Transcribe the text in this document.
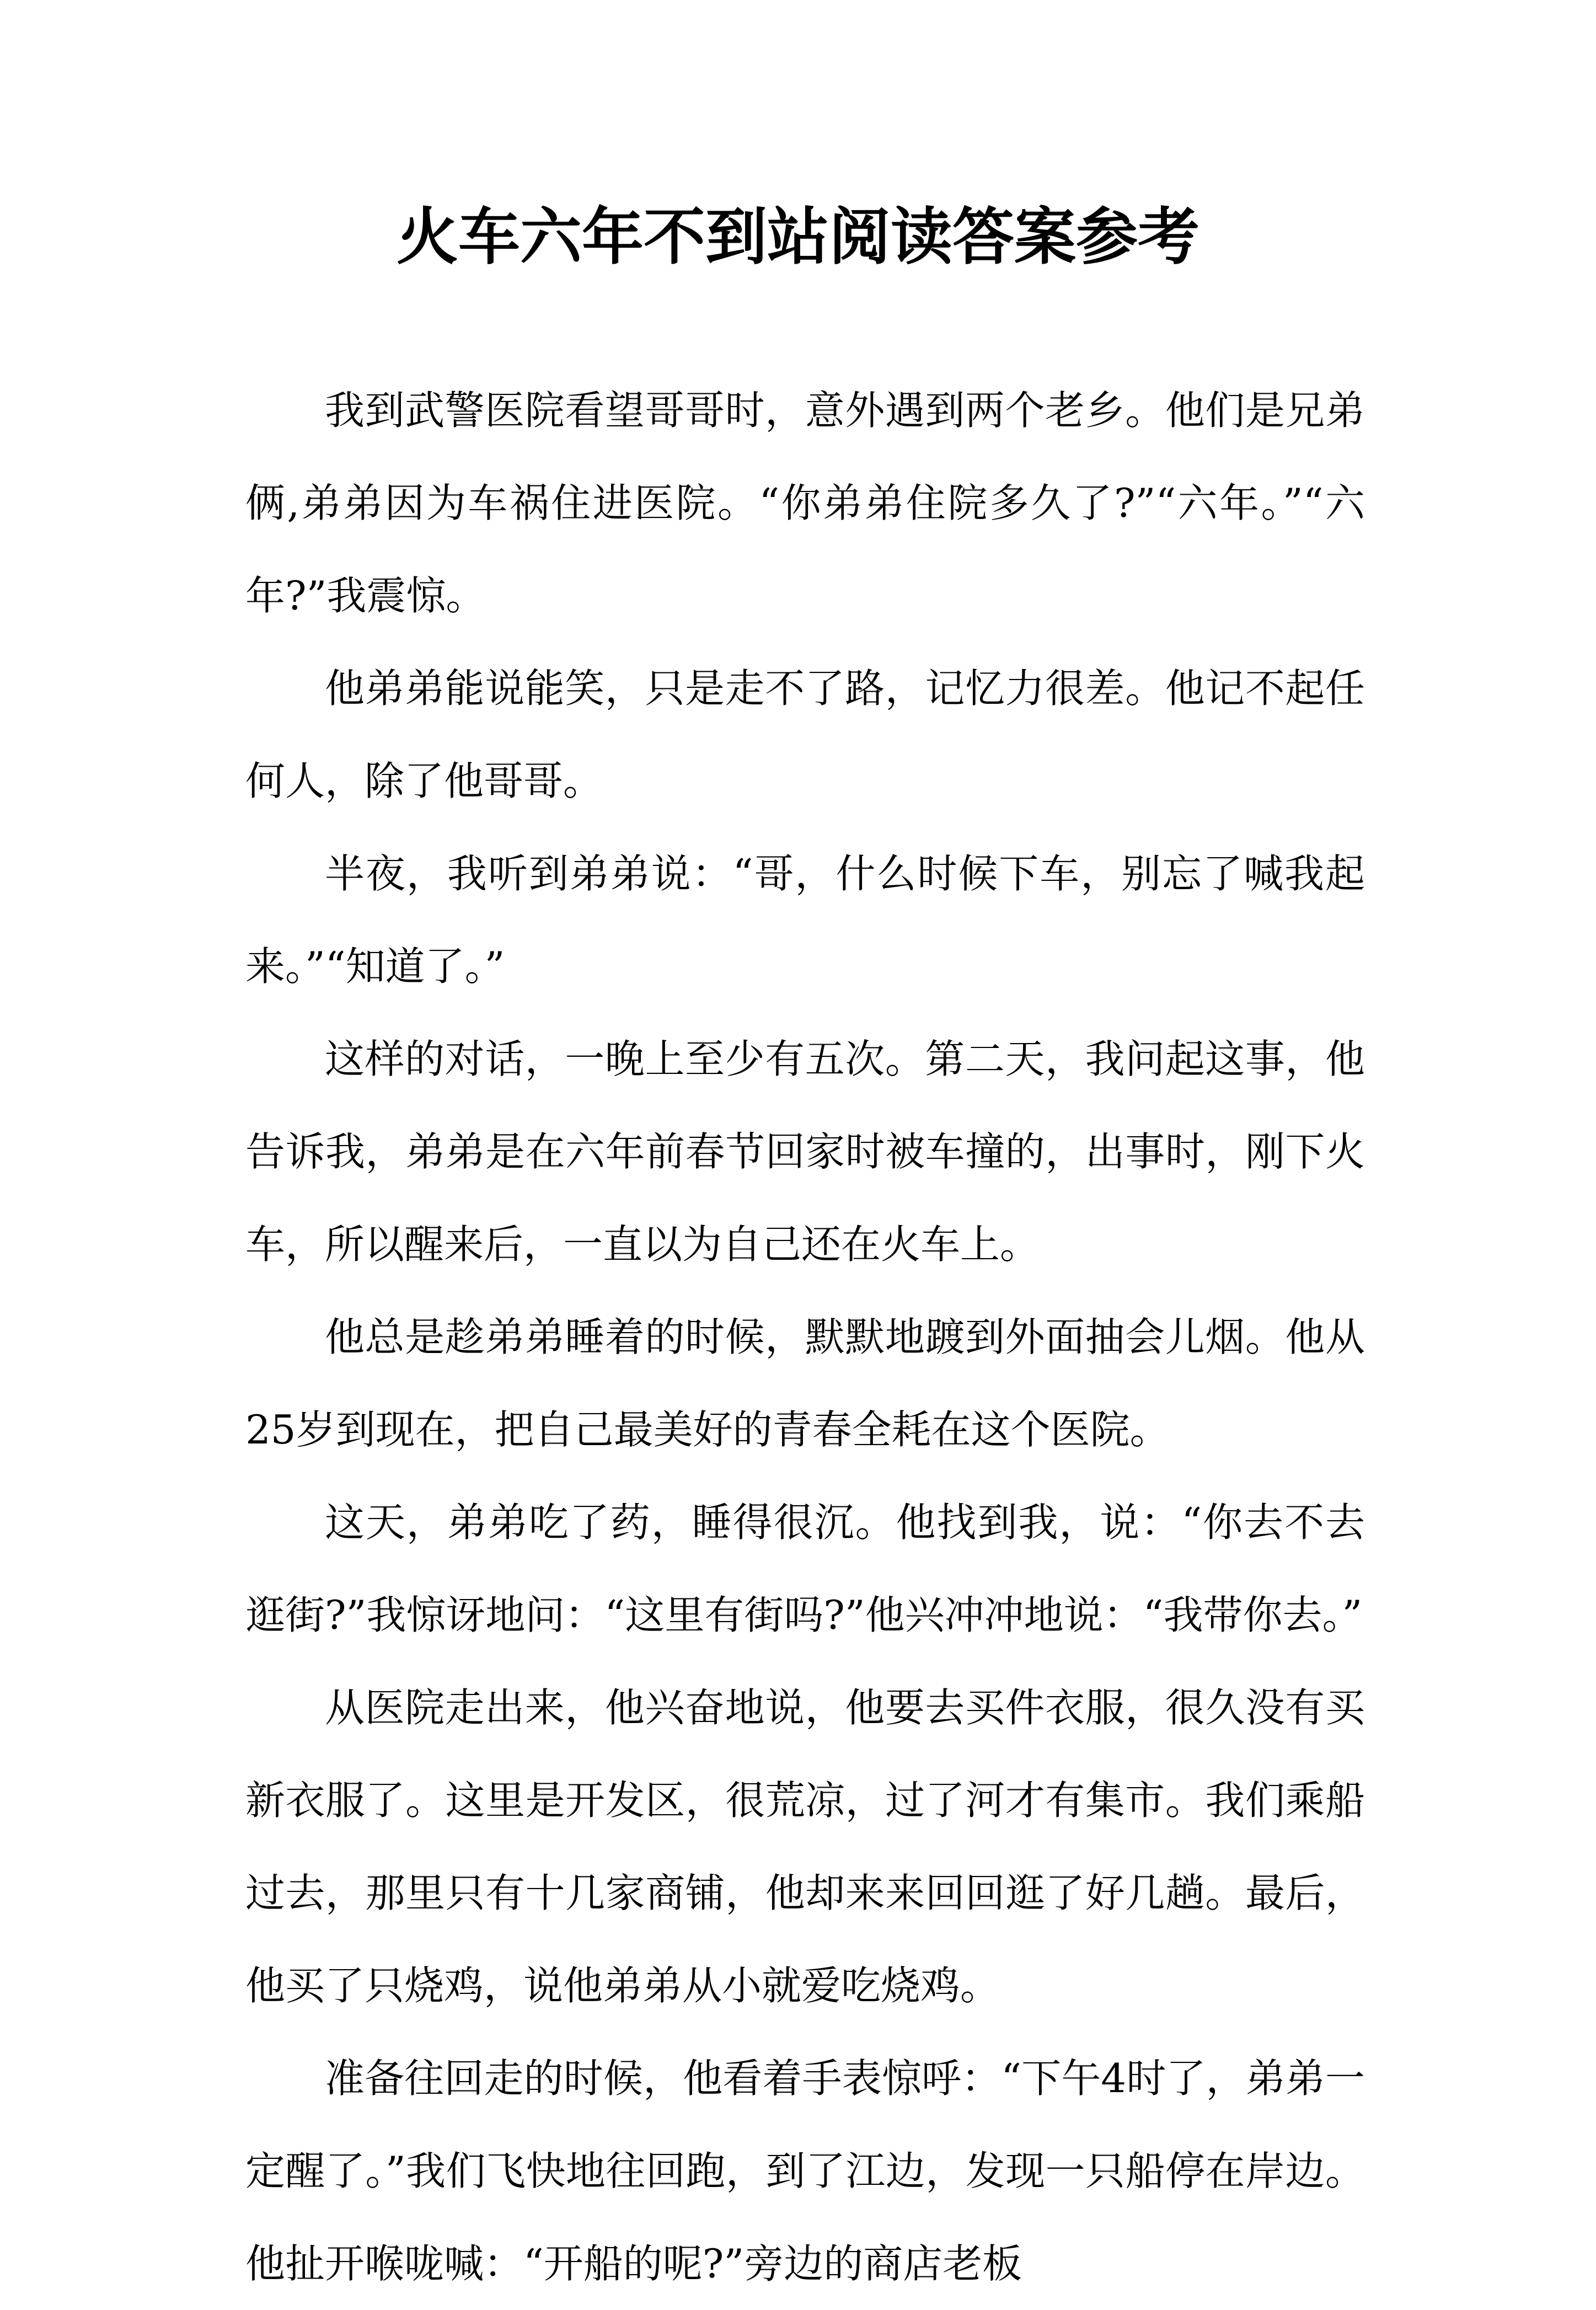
火车六年不到站阅读答案参考

我到武警医院看望哥哥时，意外遇到两个老乡。他们是兄弟俩,弟弟因为车祸住进医院。“你弟弟住院多久了?”“六年。”“六年?”我震惊。

他弟弟能说能笑，只是走不了路，记忆力很差。他记不起任何人，除了他哥哥。

半夜，我听到弟弟说：“哥，什么时候下车，别忘了喊我起来。”“知道了。”

这样的对话，一晚上至少有五次。第二天，我问起这事，他告诉我，弟弟是在六年前春节回家时被车撞的，出事时，刚下火车，所以醒来后，一直以为自己还在火车上。

他总是趁弟弟睡着的时候，默默地踱到外面抽会儿烟。他从25岁到现在，把自己最美好的青春全耗在这个医院。

这天，弟弟吃了药，睡得很沉。他找到我，说：“你去不去逛街?”我惊讶地问：“这里有街吗?”他兴冲冲地说：“我带你去。”

从医院走出来，他兴奋地说，他要去买件衣服，很久没有买新衣服了。这里是开发区，很荒凉，过了河才有集市。我们乘船过去，那里只有十几家商铺，他却来来回回逛了好几趟。最后，他买了只烧鸡，说他弟弟从小就爱吃烧鸡。

准备往回走的时候，他看着手表惊呼：“下午4时了，弟弟一定醒了。”我们飞快地往回跑，到了江边，发现一只船停在岸边。他扯开喉咙喊：“开船的呢?”旁边的商店老板
